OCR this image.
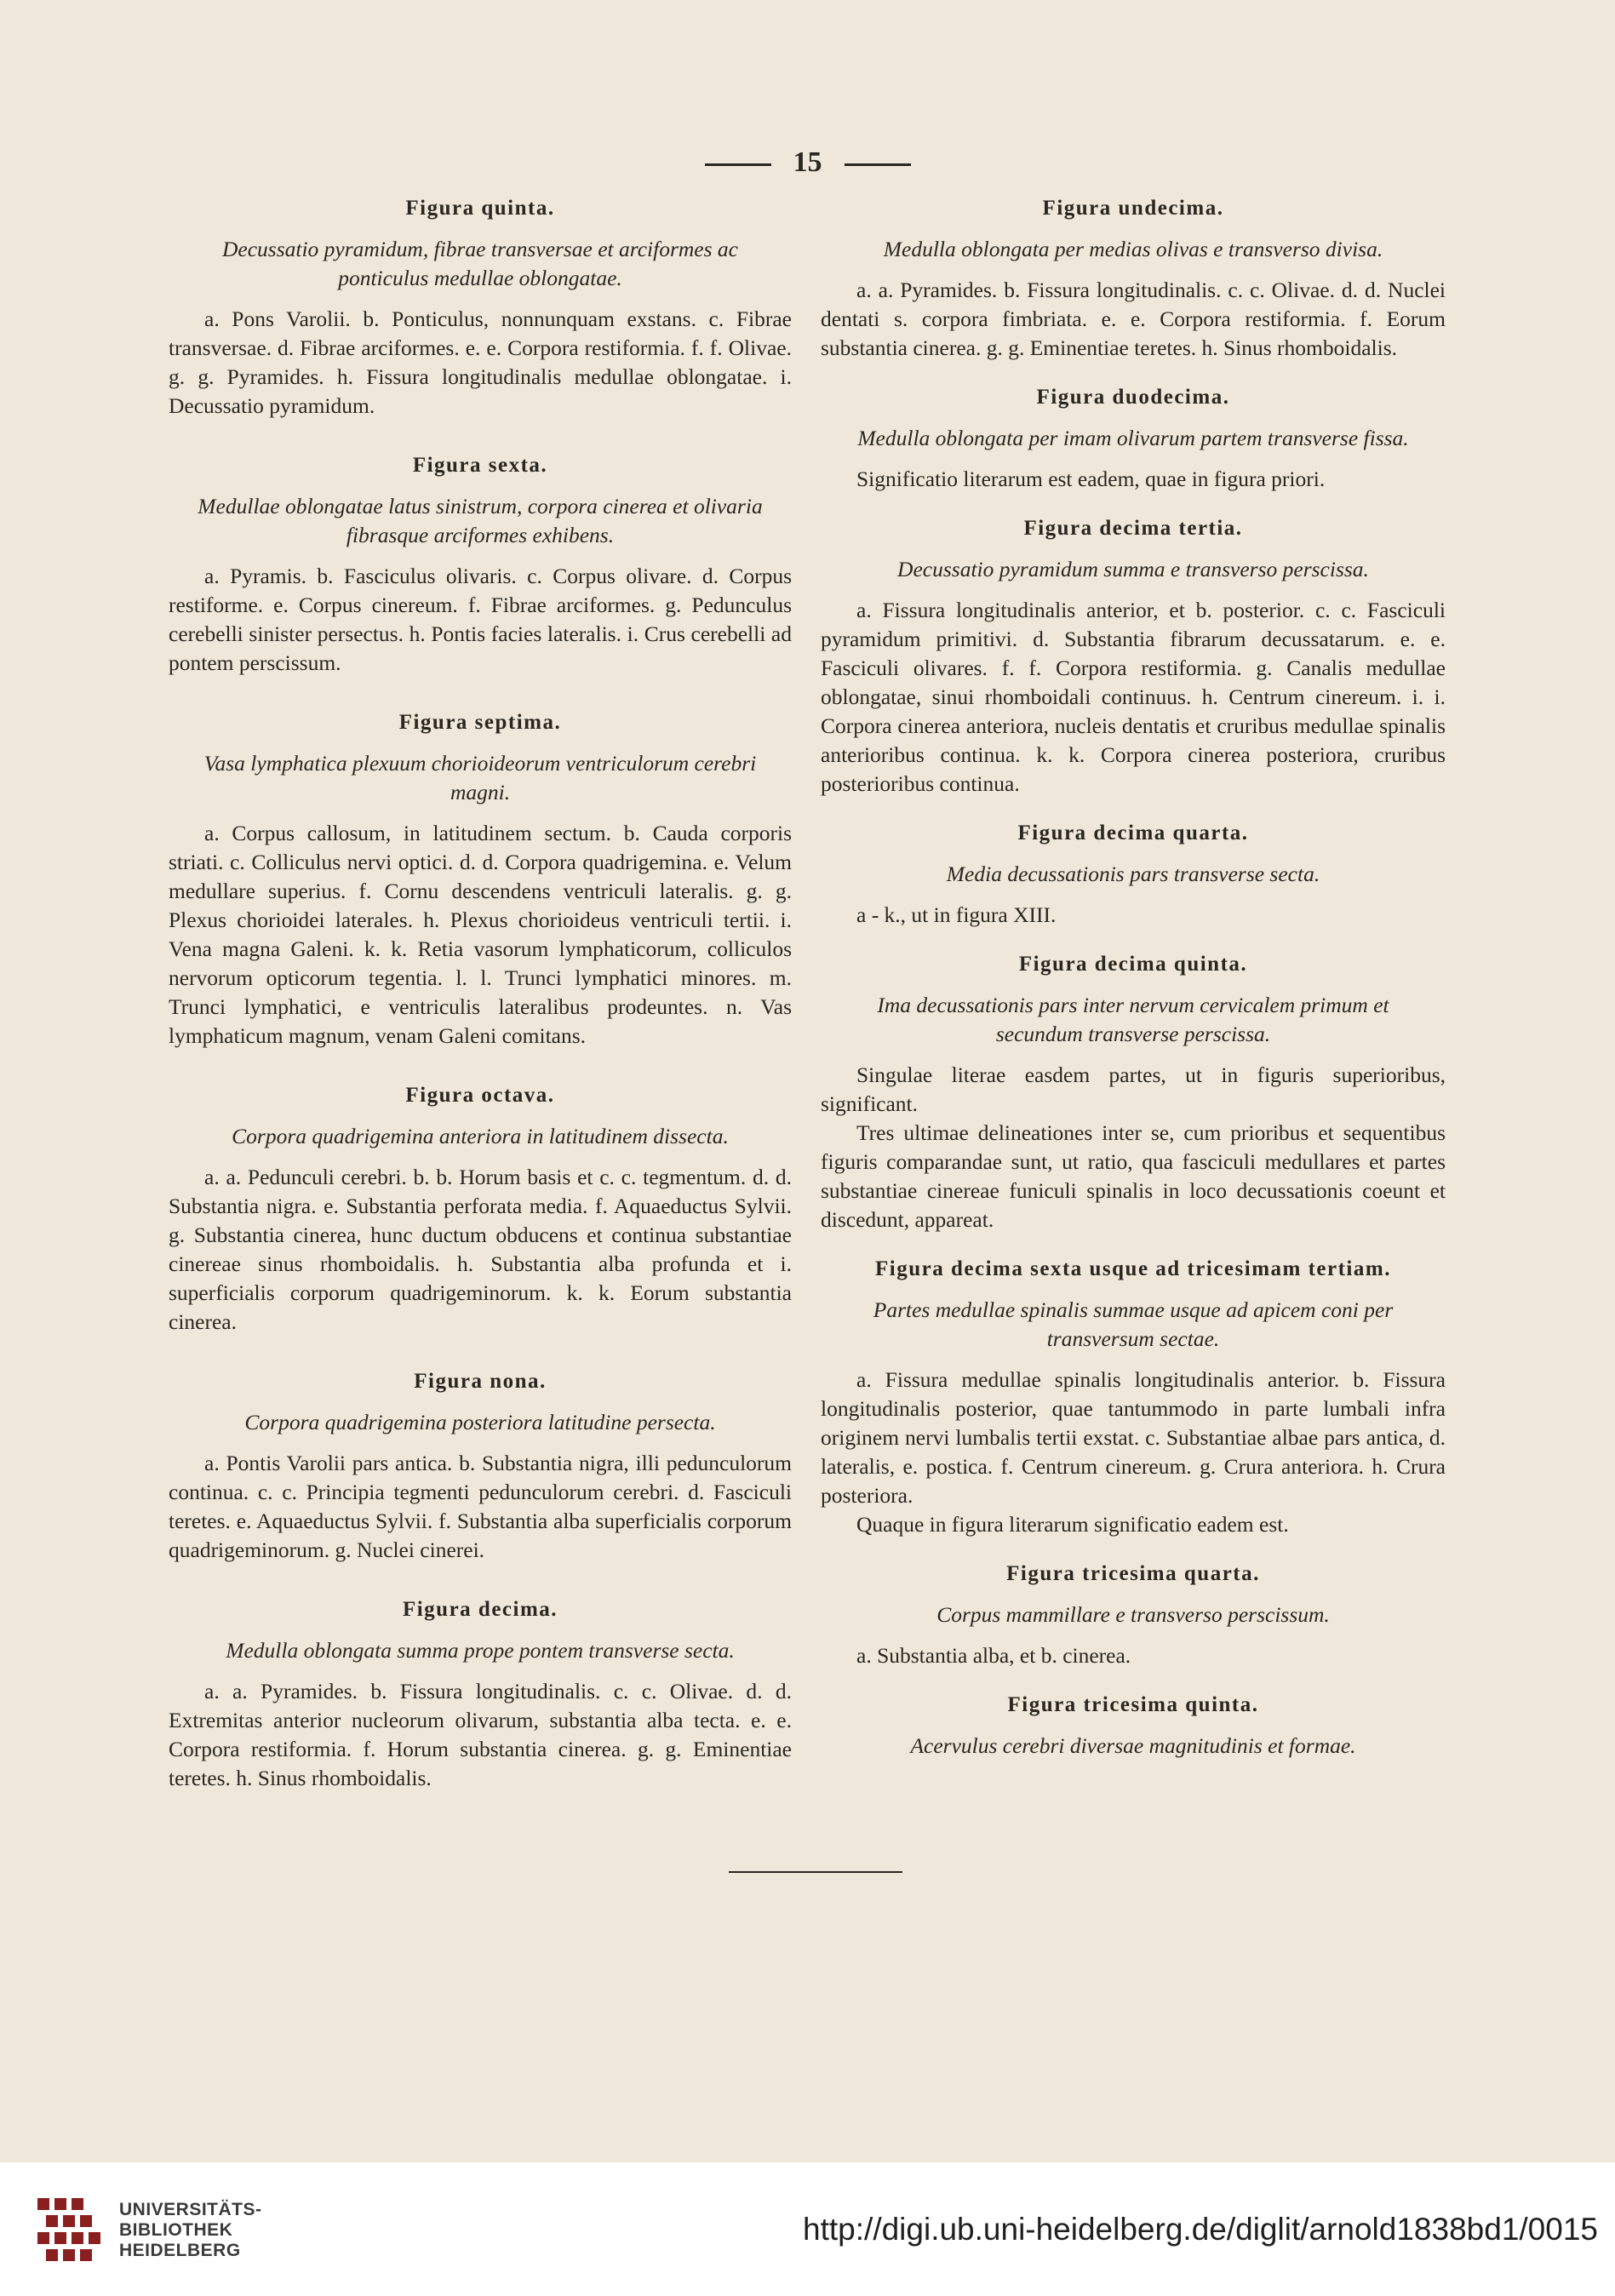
15
Figura quinta.
Decussatio pyramidum, fibrae transversae et arciformes ac ponticulus medullae oblongatae.

a. Pons Varolii. b. Ponticulus, nonnunquam exstans. c. Fibrae transversae. d. Fibrae arciformes. e. e. Corpora restiformia. f. f. Olivae. g. g. Pyramides. h. Fissura longitudinalis medullae oblongatae. i. Decussatio pyramidum.

Figura sexta.
Medullae oblongatae latus sinistrum, corpora cinerea et olivaria fibrasque arciformes exhibens.

a. Pyramis. b. Fasciculus olivaris. c. Corpus olivare. d. Corpus restiforme. e. Corpus cinereum. f. Fibrae arciformes. g. Pedunculus cerebelli sinister persectus. h. Pontis facies lateralis. i. Crus cerebelli ad pontem perscissum.

Figura septima.
Vasa lymphatica plexuum chorioideorum ventriculorum cerebri magni.

a. Corpus callosum, in latitudinem sectum. b. Cauda corporis striati. c. Colliculus nervi optici. d. d. Corpora quadrigemina. e. Velum medullare superius. f. Cornu descendens ventriculi lateralis. g. g. Plexus chorioidei laterales. h. Plexus chorioideus ventriculi tertii. i. Vena magna Galeni. k. k. Retia vasorum lymphaticorum, colliculos nervorum opticorum tegentia. l. l. Trunci lymphatici minores. m. Trunci lymphatici, e ventriculis lateralibus prodeuntes. n. Vas lymphaticum magnum, venam Galeni comitans.

Figura octava.
Corpora quadrigemina anteriora in latitudinem dissecta.

a. a. Pedunculi cerebri. b. b. Horum basis et c. c. tegmentum. d. d. Substantia nigra. e. Substantia perforata media. f. Aquaeductus Sylvii. g. Substantia cinerea, hunc ductum obducens et continua substantiae cinereae sinus rhomboidalis. h. Substantia alba profunda et i. superficialis corporum quadrigeminorum. k. k. Eorum substantia cinerea.

Figura nona.
Corpora quadrigemina posteriora latitudine persecta.

a. Pontis Varolii pars antica. b. Substantia nigra, illi pedunculorum continua. c. c. Principia tegmenti pedunculorum cerebri. d. Fasciculi teretes. e. Aquaeductus Sylvii. f. Substantia alba superficialis corporum quadrigeminorum. g. Nuclei cinerei.

Figura decima.
Medulla oblongata summa prope pontem transverse secta.

a. a. Pyramides. b. Fissura longitudinalis. c. c. Olivae. d. d. Extremitas anterior nucleorum olivarum, substantia alba tecta. e. e. Corpora restiformia. f. Horum substantia cinerea. g. g. Eminentiae teretes. h. Sinus rhomboidalis.

Figura undecima.
Medulla oblongata per medias olivas e transverso divisa.

a. a. Pyramides. b. Fissura longitudinalis. c. c. Olivae. d. d. Nuclei dentati s. corpora fimbriata. e. e. Corpora restiformia. f. Eorum substantia cinerea. g. g. Eminentiae teretes. h. Sinus rhomboidalis.

Figura duodecima.
Medulla oblongata per imam olivarum partem transverse fissa.

Significatio literarum est eadem, quae in figura priori.

Figura decima tertia.
Decussatio pyramidum summa e transverso perscissa.

a. Fissura longitudinalis anterior, et b. posterior. c. c. Fasciculi pyramidum primitivi. d. Substantia fibrarum decussatarum. e. e. Fasciculi olivares. f. f. Corpora restiformia. g. Canalis medullae oblongatae, sinui rhomboidali continuus. h. Centrum cinereum. i. i. Corpora cinerea anteriora, nucleis dentatis et cruribus medullae spinalis anterioribus continua. k. k. Corpora cinerea posteriora, cruribus posterioribus continua.

Figura decima quarta.
Media decussationis pars transverse secta.

a - k., ut in figura XIII.

Figura decima quinta.
Ima decussationis pars inter nervum cervicalem primum et secundum transverse perscissa.

Singulae literae easdem partes, ut in figuris superioribus, significant.

Tres ultimae delineationes inter se, cum prioribus et sequentibus figuris comparandae sunt, ut ratio, qua fasciculi medullares et partes substantiae cinereae funiculi spinalis in loco decussationis coeunt et discedunt, appareat.

Figura decima sexta usque ad tricesimam tertiam.
Partes medullae spinalis summae usque ad apicem coni per transversum sectae.

a. Fissura medullae spinalis longitudinalis anterior. b. Fissura longitudinalis posterior, quae tantummodo in parte lumbali infra originem nervi lumbalis tertii exstat. c. Substantiae albae pars antica, d. lateralis, e. postica. f. Centrum cinereum. g. Crura anteriora. h. Crura posteriora.

Quaque in figura literarum significatio eadem est.

Figura tricesima quarta.
Corpus mammillare e transverso perscissum.

a. Substantia alba, et b. cinerea.

Figura tricesima quinta.
Acervulus cerebri diversae magnitudinis et formae.
UNIVERSITÄTS-
BIBLIOTHEK
HEIDELBERG
http://digi.ub.uni-heidelberg.de/diglit/arnold1838bd1/0015
